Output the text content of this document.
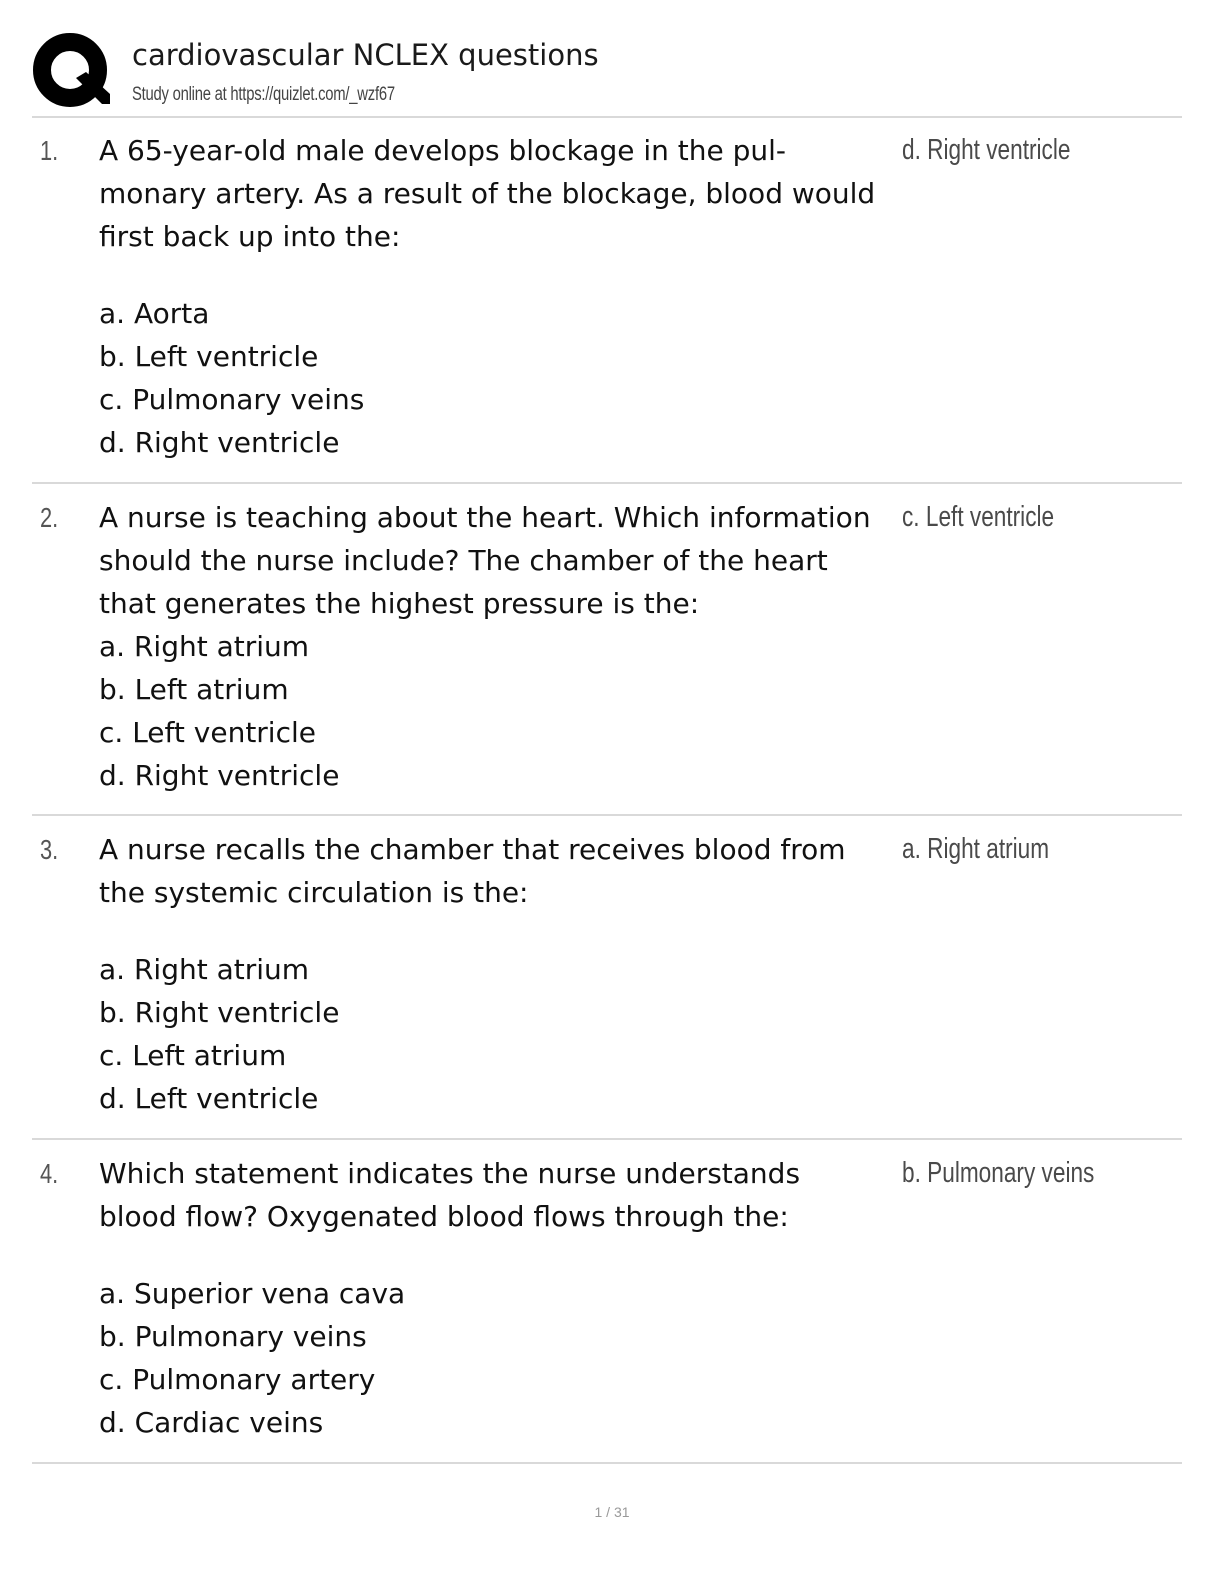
cardiovascular NCLEX questions
Study online at https://quizlet.com/_wzf67
1. A 65-year-old male develops blockage in the pul-
monary artery. As a result of the blockage, blood would
first back up into the:
a. Aorta
b. Left ventricle
c. Pulmonary veins
d. Right ventricle
d. Right ventricle
2. A nurse is teaching about the heart. Which information
should the nurse include? The chamber of the heart
that generates the highest pressure is the:
a. Right atrium
b. Left atrium
c. Left ventricle
d. Right ventricle
c. Left ventricle
3. A nurse recalls the chamber that receives blood from
the systemic circulation is the:
a. Right atrium
b. Right ventricle
c. Left atrium
d. Left ventricle
a. Right atrium
4. Which statement indicates the nurse understands
blood flow? Oxygenated blood flows through the:
a. Superior vena cava
b. Pulmonary veins
c. Pulmonary artery
d. Cardiac veins
b. Pulmonary veins
1 / 31
